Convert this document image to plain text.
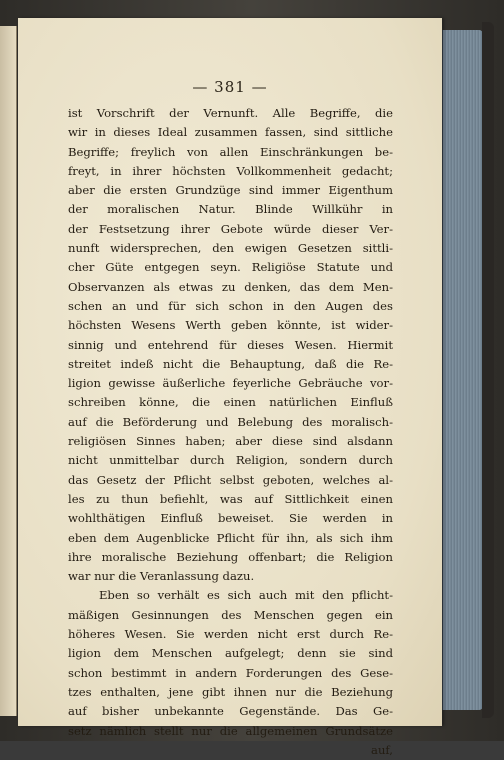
— 381 —
ist Vorschrift der Vernunft. Alle Begriffe, die
wir in dieses Ideal zusammen fassen, sind sittliche
Begriffe; freylich von allen Einschränkungen be-
freyt, in ihrer höchsten Vollkommenheit gedacht;
aber die ersten Grundzüge sind immer Eigenthum
der moralischen Natur. Blinde Willkühr in
der Festsetzung ihrer Gebote würde dieser Ver-
nunft widersprechen, den ewigen Gesetzen sittli-
cher Güte entgegen seyn. Religiöse Statute und
Observanzen als etwas zu denken, das dem Men-
schen an und für sich schon in den Augen des
höchsten Wesens Werth geben könnte, ist wider-
sinnig und entehrend für dieses Wesen. Hiermit
streitet indeß nicht die Behauptung, daß die Re-
ligion gewisse äußerliche feyerliche Gebräuche vor-
schreiben könne, die einen natürlichen Einfluß
auf die Beförderung und Belebung des moralisch-
religiösen Sinnes haben; aber diese sind alsdann
nicht unmittelbar durch Religion, sondern durch
das Gesetz der Pflicht selbst geboten, welches al-
les zu thun befiehlt, was auf Sittlichkeit einen
wohlthätigen Einfluß beweiset. Sie werden in
eben dem Augenblicke Pflicht für ihn, als sich ihm
ihre moralische Beziehung offenbart; die Religion
war nur die Veranlassung dazu.
Eben so verhält es sich auch mit den pflicht-
mäßigen Gesinnungen des Menschen gegen ein
höheres Wesen. Sie werden nicht erst durch Re-
ligion dem Menschen aufgelegt; denn sie sind
schon bestimmt in andern Forderungen des Gese-
tzes enthalten, jene gibt ihnen nur die Beziehung
auf bisher unbekannte Gegenstände. Das Ge-
setz nämlich stellt nur die allgemeinen Grundsätze
auf,
